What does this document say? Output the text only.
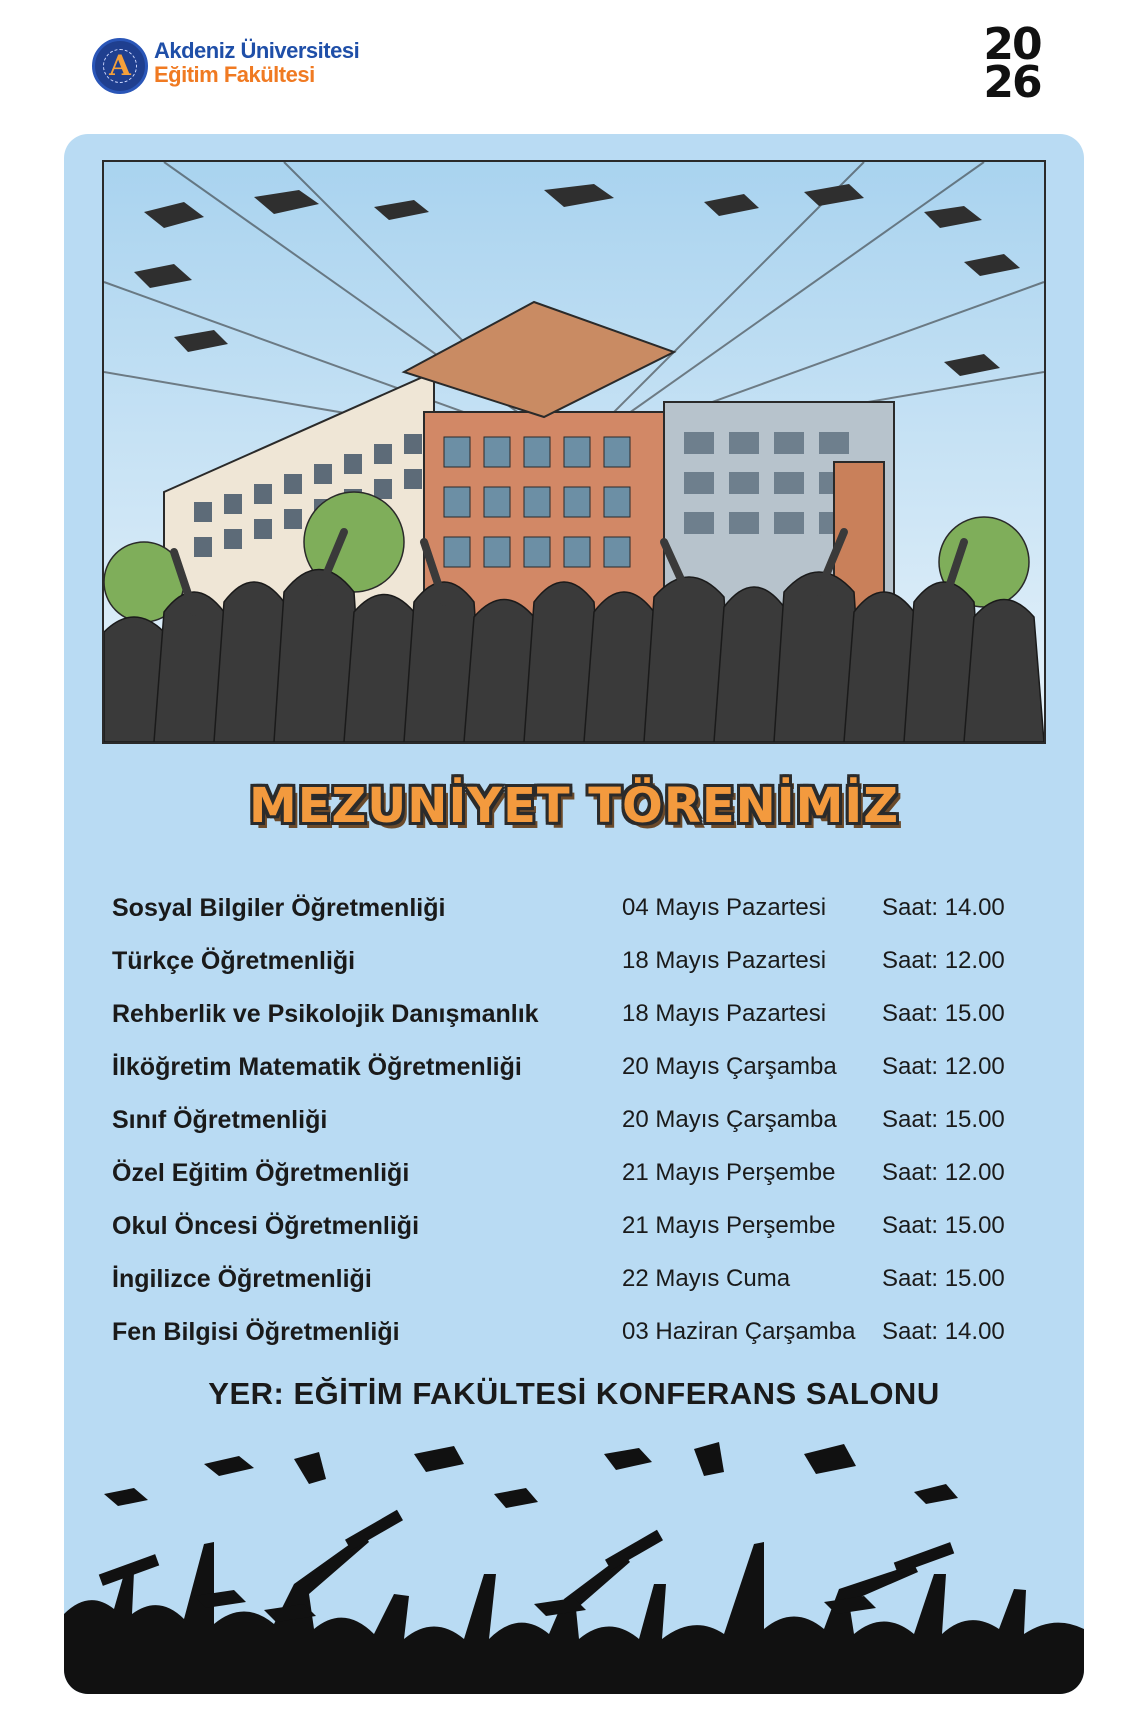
A	Akdeniz Üniversitesi
Eğitim Fakültesi
20
26
MEZUNİYET TÖRENİMİZ
Sosyal Bilgiler Öğretmenliği	04 Mayıs Pazartesi Saat: 14.00
Türkçe Öğretmenliği	18 Mayıs Pazartesi Saat: 12.00
Rehberlik ve Psikolojik Danışmanlık	18 Mayıs Pazartesi Saat: 15.00
İlköğretim Matematik Öğretmenliği	20 Mayıs Çarşamba Saat: 12.00
Sınıf Öğretmenliği	20 Mayıs Çarşamba Saat: 15.00
Özel Eğitim Öğretmenliği	21 Mayıs Perşembe Saat: 12.00
Okul Öncesi Öğretmenliği	21 Mayıs Perşembe Saat: 15.00
İngilizce Öğretmenliği	22 Mayıs Cuma	Saat: 15.00
Fen Bilgisi Öğretmenliği	03 Haziran Çarşamba Saat: 14.00
YER: EĞİTİM FAKÜLTESİ KONFERANS SALONU
